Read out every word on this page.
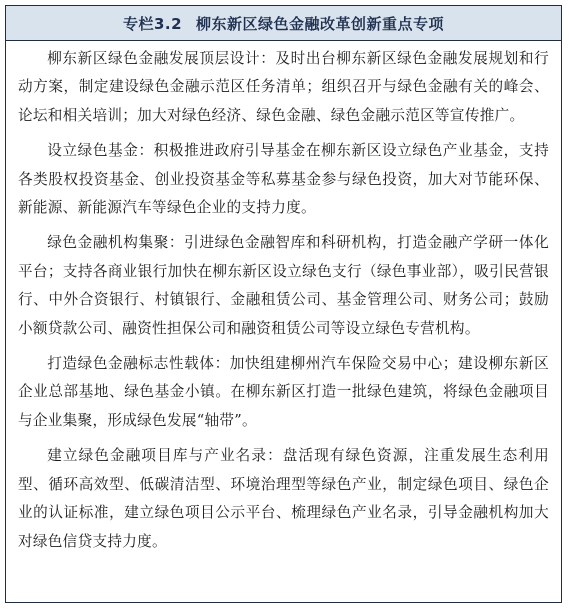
专栏3.2 柳东新区绿色金融改革创新重点专项

柳东新区绿色金融发展顶层设计：及时出台柳东新区绿色金融发展规划和行动方案，制定建设绿色金融示范区任务清单；组织召开与绿色金融有关的峰会、论坛和相关培训；加大对绿色经济、绿色金融、绿色金融示范区等宣传推广。

设立绿色基金：积极推进政府引导基金在柳东新区设立绿色产业基金，支持各类股权投资基金、创业投资基金等私募基金参与绿色投资，加大对节能环保、新能源、新能源汽车等绿色企业的支持力度。

绿色金融机构集聚：引进绿色金融智库和科研机构，打造金融产学研一体化平台；支持各商业银行加快在柳东新区设立绿色支行（绿色事业部），吸引民营银行、中外合资银行、村镇银行、金融租赁公司、基金管理公司、财务公司；鼓励小额贷款公司、融资性担保公司和融资租赁公司等设立绿色专营机构。

打造绿色金融标志性载体：加快组建柳州汽车保险交易中心；建设柳东新区企业总部基地、绿色基金小镇。在柳东新区打造一批绿色建筑，将绿色金融项目与企业集聚，形成绿色发展“轴带”。

建立绿色金融项目库与产业名录：盘活现有绿色资源，注重发展生态利用型、循环高效型、低碳清洁型、环境治理型等绿色产业，制定绿色项目、绿色企业的认证标准，建立绿色项目公示平台、梳理绿色产业名录，引导金融机构加大对绿色信贷支持力度。
